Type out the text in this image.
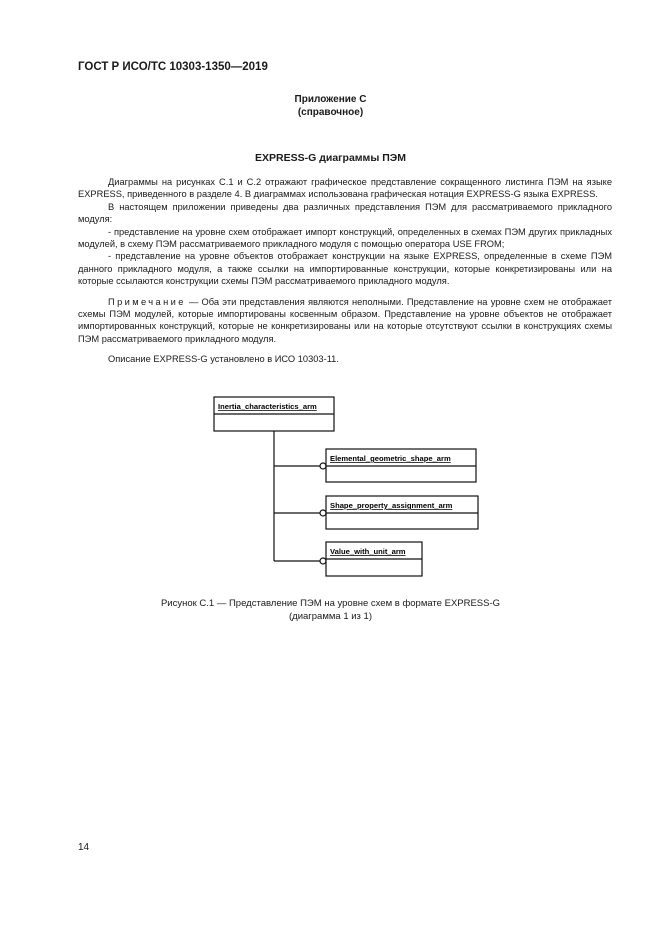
ГОСТ Р ИСО/ТС 10303-1350—2019
Приложение С
(справочное)
EXPRESS-G диаграммы ПЭМ

Диаграммы на рисунках С.1 и С.2 отражают графическое представление сокращенного листинга ПЭМ на языке EXPRESS, приведенного в разделе 4. В диаграммах использована графическая нотация EXPRESS-G языка EXPRESS.

В настоящем приложении приведены два различных представления ПЭМ для рассматриваемого прикладного модуля:

- представление на уровне схем отображает импорт конструкций, определенных в схемах ПЭМ других прикладных модулей, в схему ПЭМ рассматриваемого прикладного модуля с помощью оператора USE FROM;

- представление на уровне объектов отображает конструкции на языке EXPRESS, определенные в схеме ПЭМ данного прикладного модуля, а также ссылки на импортированные конструкции, которые конкретизированы или на которые ссылаются конструкции схемы ПЭМ рассматриваемого прикладного модуля.

Примечание — Оба эти представления являются неполными. Представление на уровне схем не отображает схемы ПЭМ модулей, которые импортированы косвенным образом. Представление на уровне объектов не отображает импортированных конструкций, которые не конкретизированы или на которые отсутствуют ссылки в конструкциях схемы ПЭМ рассматриваемого прикладного модуля.

Описание EXPRESS-G установлено в ИСО 10303-11.

Inertia_characteristics_arm
Elemental_geometric_shape_arm
Shape_property_assignment_arm
Value_with_unit_arm
Рисунок С.1 — Представление ПЭМ на уровне схем в формате EXPRESS-G
(диаграмма 1 из 1)
14
